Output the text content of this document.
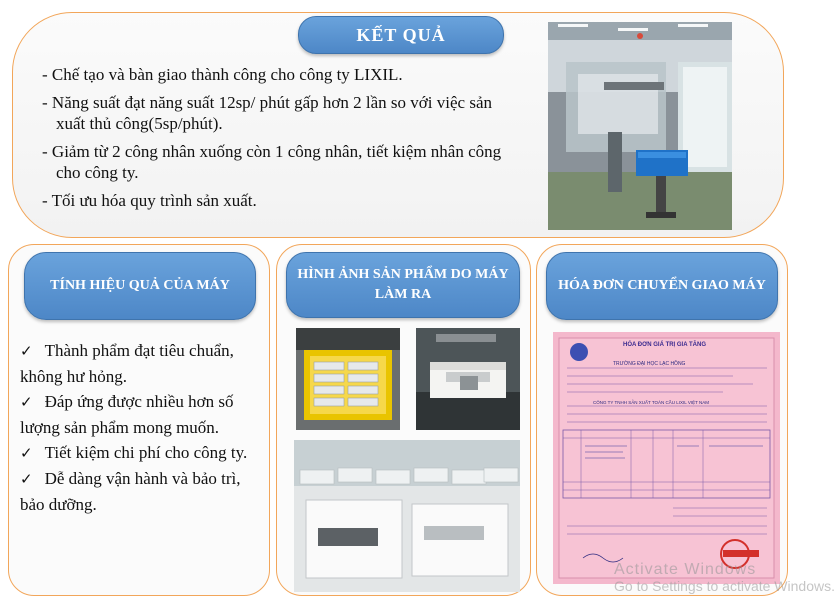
KẾT QUẢ
- Chế tạo và bàn giao thành công cho công ty LIXIL.
- Năng suất đạt năng suất 12sp/ phút gấp hơn 2 lần so với việc sản xuất thủ công(5sp/phút).
- Giảm từ 2 công nhân xuống còn 1 công nhân, tiết kiệm nhân công cho công ty.
- Tối ưu hóa quy trình sản xuất.
TÍNH HIỆU QUẢ CỦA MÁY
✓ Thành phẩm đạt tiêu chuẩn, không hư hỏng.
✓ Đáp ứng được nhiều hơn số lượng sản phẩm mong muốn.
✓ Tiết kiệm chi phí cho công ty.
✓ Dễ dàng vận hành và bảo trì, bảo dưỡng.
HÌNH ẢNH SẢN PHẨM DO MÁY LÀM RA
HÓA ĐƠN CHUYỂN GIAO MÁY
HÓA ĐƠN GIÁ TRỊ GIA TĂNG
TRƯỜNG ĐẠI HỌC LẠC HỒNG
CÔNG TY TNHH SẢN XUẤT TOÀN CẦU LIXIL VIỆT NAM
Activate Windows
Go to Settings to activate Windows.
